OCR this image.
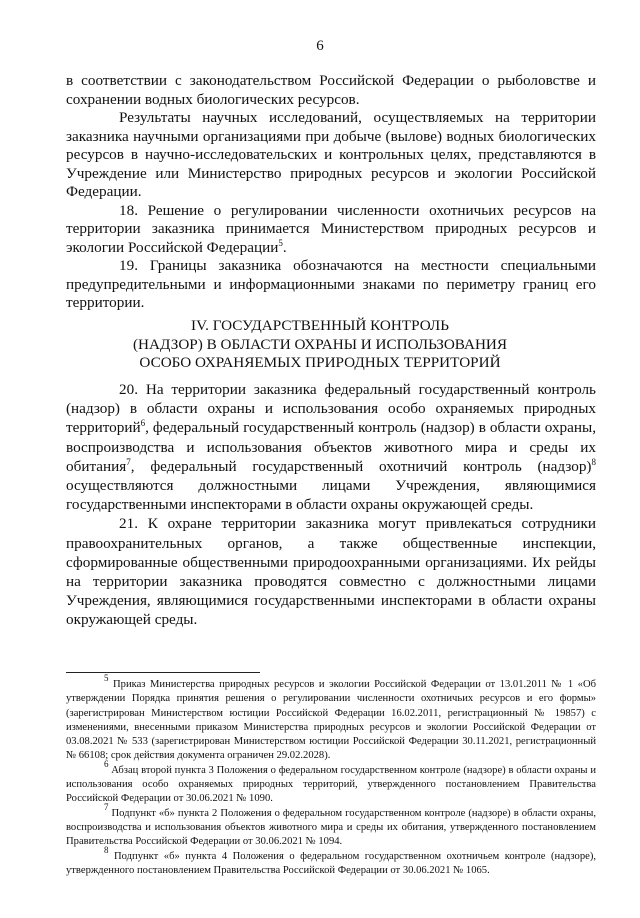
6

в соответствии с законодательством Российской Федерации о рыболовстве и сохранении водных биологических ресурсов.

Результаты научных исследований, осуществляемых на территории заказника научными организациями при добыче (вылове) водных биологических ресурсов в научно-исследовательских и контрольных целях, представляются в Учреждение или Министерство природных ресурсов и экологии Российской Федерации.

18. Решение о регулировании численности охотничьих ресурсов на территории заказника принимается Министерством природных ресурсов и экологии Российской Федерации$^5$.

19. Границы заказника обозначаются на местности специальными предупредительными и информационными знаками по периметру границ его территории.

IV. ГОСУДАРСТВЕННЫЙ КОНТРОЛЬ
(НАДЗОР) В ОБЛАСТИ ОХРАНЫ И ИСПОЛЬЗОВАНИЯ
ОСОБО ОХРАНЯЕМЫХ ПРИРОДНЫХ ТЕРРИТОРИЙ

20. На территории заказника федеральный государственный контроль (надзор) в области охраны и использования особо охраняемых природных территорий$^6$, федеральный государственный контроль (надзор) в области охраны, воспроизводства и использования объектов животного мира и среды их обитания$^7$, федеральный государственный охотничий контроль (надзор)$^8$ осуществляются должностными лицами Учреждения, являющимися государственными инспекторами в области охраны окружающей среды.

21. К охране территории заказника могут привлекаться сотрудники правоохранительных органов, а также общественные инспекции, сформированные общественными природоохранными организациями. Их рейды на территории заказника проводятся совместно с должностными лицами Учреждения, являющимися государственными инспекторами в области охраны окружающей среды.

$^5$ Приказ Министерства природных ресурсов и экологии Российской Федерации от 13.01.2011 № 1 «Об утверждении Порядка принятия решения о регулировании численности охотничьих ресурсов и его формы» (зарегистрирован Министерством юстиции Российской Федерации 16.02.2011, регистрационный № 19857) с изменениями, внесенными приказом Министерства природных ресурсов и экологии Российской Федерации от 03.08.2021 № 533 (зарегистрирован Министерством юстиции Российской Федерации 30.11.2021, регистрационный № 66108; срок действия документа ограничен 29.02.2028).

$^6$ Абзац второй пункта 3 Положения о федеральном государственном контроле (надзоре) в области охраны и использования особо охраняемых природных территорий, утвержденного постановлением Правительства Российской Федерации от 30.06.2021 № 1090.

$^7$ Подпункт «б» пункта 2 Положения о федеральном государственном контроле (надзоре) в области охраны, воспроизводства и использования объектов животного мира и среды их обитания, утвержденного постановлением Правительства Российской Федерации от 30.06.2021 № 1094.

$^8$ Подпункт «б» пункта 4 Положения о федеральном государственном охотничьем контроле (надзоре), утвержденного постановлением Правительства Российской Федерации от 30.06.2021 № 1065.
